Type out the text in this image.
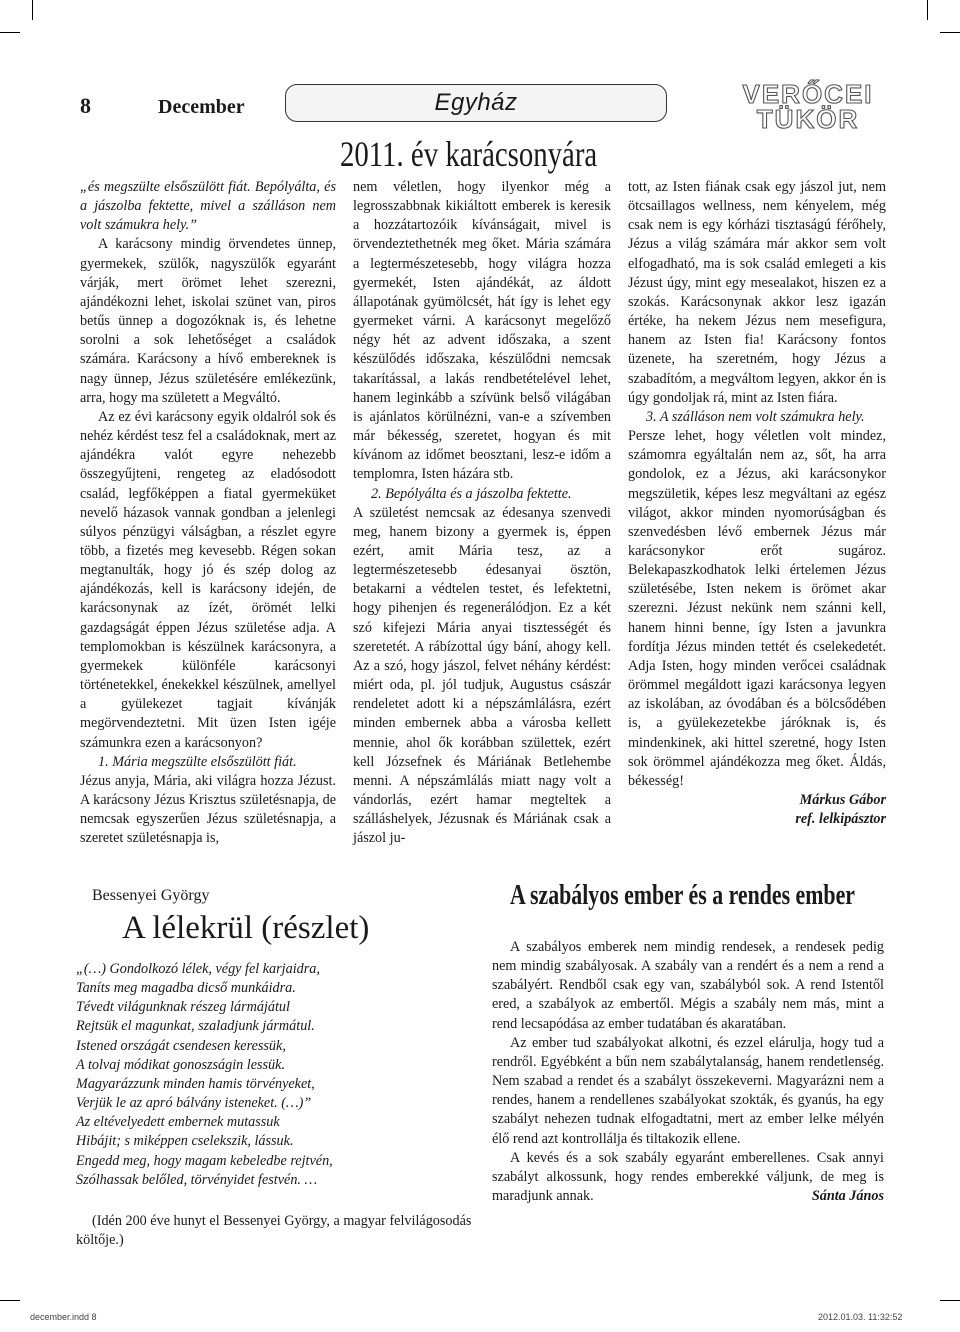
8	December	Egyház	VERŐCEI
TÜKÖR
2011. év karácsonyára

„és megszülte elsőszülött fiát. Bepólyálta, és a jászolba fektette, mivel a szálláson nem volt számukra hely.”

A karácsony mindig örvendetes ünnep, gyermekek, szülők, nagyszülők egyaránt várják, mert örömet lehet szerezni, ajándékozni lehet, iskolai szünet van, piros betűs ünnep a dogozóknak is, és lehetne sorolni a sok lehetőséget a családok számára. Karácsony a hívő embereknek is nagy ünnep, Jézus születésére emlékezünk, arra, hogy ma született a Megváltó.

Az ez évi karácsony egyik oldalról sok és nehéz kérdést tesz fel a családoknak, mert az ajándékra valót egyre nehezebb összegyűjteni, rengeteg az eladósodott család, legfőképpen a fiatal gyermeküket nevelő házasok vannak gondban a jelenlegi súlyos pénzügyi válságban, a részlet egyre több, a fizetés meg kevesebb. Régen sokan megtanulták, hogy jó és szép dolog az ajándékozás, kell is karácsony idején, de karácsonynak az ízét, örömét lelki gazdagságát éppen Jézus születése adja. A templomokban is készülnek karácsonyra, a gyermekek különféle karácsonyi történetekkel, énekekkel készülnek, amellyel a gyülekezet tagjait kívánják megörvendeztetni. Mit üzen Isten igéje számunkra ezen a karácsonyon?

1. Mária megszülte elsőszülött fiát.

Jézus anyja, Mária, aki világra hozza Jézust. A karácsony Jézus Krisztus születésnapja, de nemcsak egyszerűen Jézus születésnapja, a szeretet születésnapja is,

nem véletlen, hogy ilyenkor még a legrosszabbnak kikiáltott emberek is keresik a hozzátartozóik kívánságait, mivel is örvendeztethetnék meg őket. Mária számára a legtermészetesebb, hogy világra hozza gyermekét, Isten ajándékát, az áldott állapotának gyümölcsét, hát így is lehet egy gyermeket várni. A karácsonyt megelőző négy hét az advent időszaka, a szent készülődés időszaka, készülődni nemcsak takarítással, a lakás rendbetételével lehet, hanem leginkább a szívünk belső világában is ajánlatos körülnézni, van-e a szívemben már békesség, szeretet, hogyan és mit kívánom az időmet beosztani, lesz-e időm a templomra, Isten házára stb.

2. Bepólyálta és a jászolba fektette.

A születést nemcsak az édesanya szenvedi meg, hanem bizony a gyermek is, éppen ezért, amit Mária tesz, az a legtermészetesebb édesanyai ösztön, betakarni a védtelen testet, és lefektetni, hogy pihenjen és regenerálódjon. Ez a két szó kifejezi Mária anyai tisztességét és szeretetét. A rábízottal úgy bání, ahogy kell. Az a szó, hogy jászol, felvet néhány kérdést: miért oda, pl. jól tudjuk, Augustus császár rendeletet adott ki a népszámlálásra, ezért minden embernek abba a városba kellett mennie, ahol ők korábban születtek, ezért kell Józsefnek és Máriának Betlehembe menni. A népszámlálás miatt nagy volt a vándorlás, ezért hamar megteltek a szálláshelyek, Jézusnak és Máriának csak a jászol ju-

tott, az Isten fiának csak egy jászol jut, nem ötcsaillagos wellness, nem kényelem, még csak nem is egy kórházi tisztaságú férőhely, Jézus a világ számára már akkor sem volt elfogadható, ma is sok család emlegeti a kis Jézust úgy, mint egy mesealakot, hiszen ez a szokás. Karácsonynak akkor lesz igazán értéke, ha nekem Jézus nem mesefigura, hanem az Isten fia! Karácsony fontos üzenete, ha szeretném, hogy Jézus a szabadítóm, a megváltom legyen, akkor én is úgy gondoljak rá, mint az Isten fiára.

3. A szálláson nem volt számukra hely.

Persze lehet, hogy véletlen volt mindez, számomra egyáltalán nem az, sőt, ha arra gondolok, ez a Jézus, aki karácsonykor megszületik, képes lesz megváltani az egész világot, akkor minden nyomorúságban és szenvedésben lévő embernek Jézus már karácsonykor erőt sugároz. Belekapaszkodhatok lelki értelemen Jézus születésébe, Isten nekem is örömet akar szerezni. Jézust nekünk nem szánni kell, hanem hinni benne, így Isten a javunkra fordítja Jézus minden tettét és cselekedetét. Adja Isten, hogy minden verőcei családnak örömmel megáldott igazi karácsonya legyen az iskolában, az óvodában és a bölcsődében is, a gyülekezetekbe járóknak is, és mindenkinek, aki hittel szeretné, hogy Isten sok örömmel ajándékozza meg őket. Áldás, békesség!

Márkus Gábor

ref. lelkipásztor

Bessenyei György
A lélekrül (részlet)
„(…) Gondolkozó lélek, végy fel karjaidra,
Taníts meg magadba dicső munkáidra.
Tévedt világunknak részeg lármájátul
Rejtsük el magunkat, szaladjunk jármátul.
Istened országát csendesen keressük,
A tolvaj módikat gonoszságin lessük.
Magyarázzunk minden hamis törvényeket,
Verjük le az apró bálvány isteneket. (…)”
Az eltévelyedett embernek mutassuk
Hibájit; s miképpen cselekszik, lássuk.
Engedd meg, hogy magam kebeledbe rejtvén,
Szólhassak belőled, törvényidet festvén. …

(Idén 200 éve hunyt el Bessenyei György, a magyar felvilágosodás költője.)

A szabályos ember és a rendes ember

A szabályos emberek nem mindig rendesek, a rendesek pedig nem mindig szabályosak. A szabály van a rendért és a nem a rend a szabályért. Rendből csak egy van, szabályból sok. A rend Istentől ered, a szabályok az embertől. Mégis a szabály nem más, mint a rend lecsapódása az ember tudatában és akaratában.

Az ember tud szabályokat alkotni, és ezzel elárulja, hogy tud a rendről. Egyébként a bűn nem szabálytalanság, hanem rendetlenség. Nem szabad a rendet és a szabályt összekeverni. Magyarázni nem a rendes, hanem a rendellenes szabályokat szokták, és gyanús, ha egy szabályt nehezen tudnak elfogadtatni, mert az ember lelke mélyén élő rend azt kontrollálja és tiltakozik ellene.

A kevés és a sok szabály egyaránt emberellenes. Csak annyi szabályt alkossunk, hogy rendes emberekké váljunk, de meg is maradjunk annak.	Sánta János

december.indd 8	2012.01.03. 11:32:52
